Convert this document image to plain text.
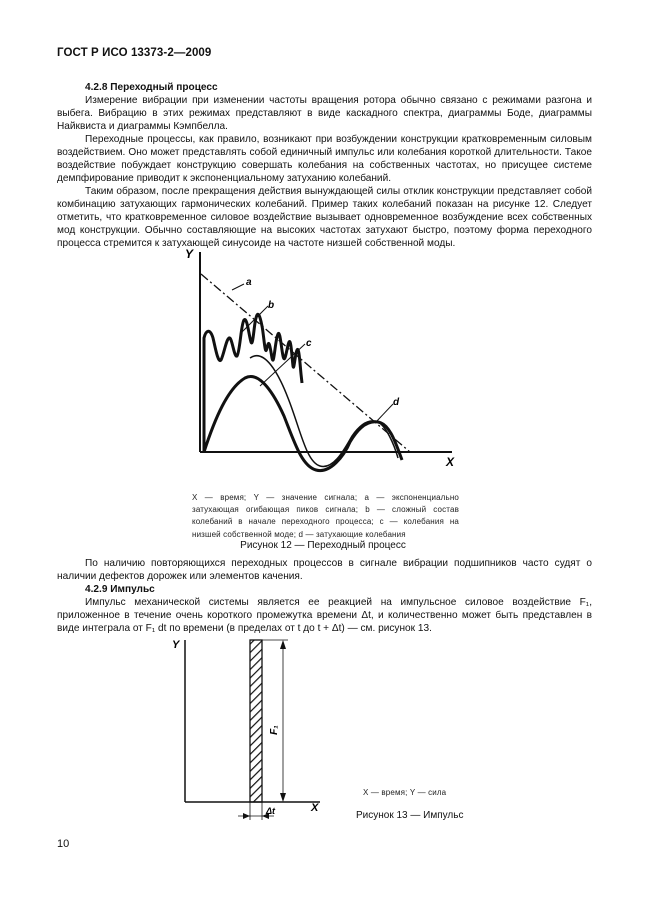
ГОСТ Р ИСО 13373-2—2009
4.2.8 Переходный процесс
Измерение вибрации при изменении частоты вращения ротора обычно связано с режимами разгона и выбега. Вибрацию в этих режимах представляют в виде каскадного спектра, диаграммы Боде, диаграммы Найквиста и диаграммы Кэмпбелла.
Переходные процессы, как правило, возникают при возбуждении конструкции кратковременным силовым воздействием. Оно может представлять собой единичный импульс или колебания короткой длительности. Такое воздействие побуждает конструкцию совершать колебания на собственных частотах, но присущее системе демпфирование приводит к экспоненциальному затуханию колебаний.
Таким образом, после прекращения действия вынуждающей силы отклик конструкции представляет собой комбинацию затухающих гармонических колебаний. Пример таких колебаний показан на рисунке 12. Следует отметить, что кратковременное силовое воздействие вызывает одновременное возбуждение всех собственных мод конструкции. Обычно составляющие на высоких частотах затухают быстро, поэтому форма переходного процесса стремится к затухающей синусоиде на частоте низшей собственной моды.
Y
X
a
b
c
d
X — время; Y — значение сигнала; a — экспоненциально затухающая огибающая пиков сигнала; b — сложный состав колебаний в начале переходного процесса; c — колебания на низшей собственной моде; d — затухающие колебания
Рисунок 12 — Переходный процесс
По наличию повторяющихся переходных процессов в сигнале вибрации подшипников часто судят о наличии дефектов дорожек или элементов качения.
4.2.9 Импульс
Импульс механической системы является ее реакцией на импульсное силовое воздействие F₁, приложенное в течение очень короткого промежутка времени Δt, и количественно может быть представлен в виде интеграла от F₁ dt по времени (в пределах от t до t + Δt) — см. рисунок 13.
Y
X
F₁
Δt
X — время; Y — сила
Рисунок 13 — Импульс
10
